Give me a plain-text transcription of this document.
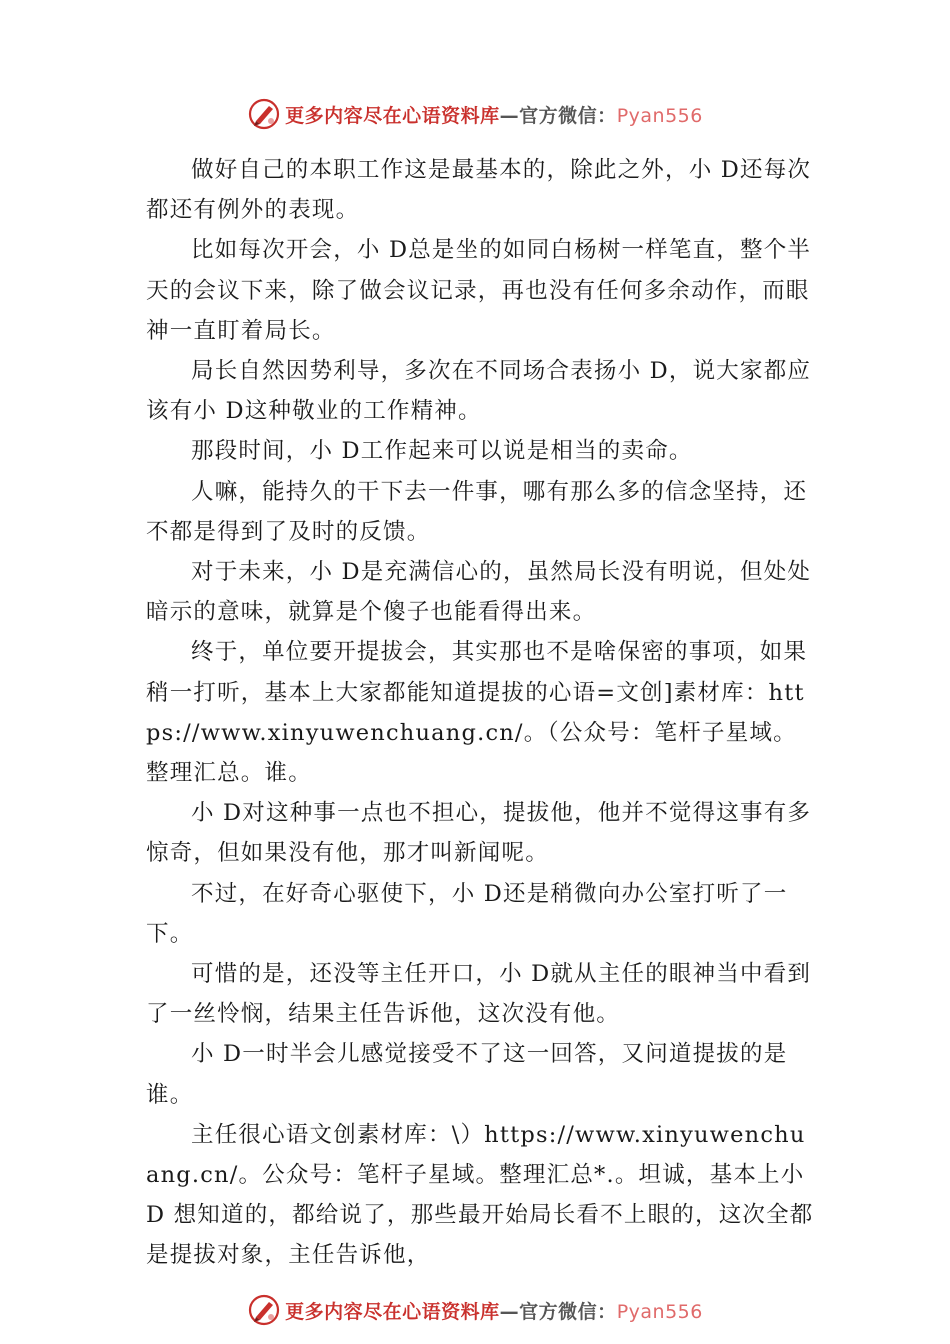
更多内容尽在心语资料库—官方微信：Pyan556

做好自己的本职工作这是最基本的，除此之外，小 D还每次都还有例外的表现。

比如每次开会，小 D总是坐的如同白杨树一样笔直，整个半天的会议下来，除了做会议记录，再也没有任何多余动作，而眼神一直盯着局长。

局长自然因势利导，多次在不同场合表扬小 D，说大家都应该有小 D这种敬业的工作精神。

那段时间，小 D工作起来可以说是相当的卖命。

人嘛，能持久的干下去一件事，哪有那么多的信念坚持，还不都是得到了及时的反馈。

对于未来，小 D是充满信心的，虽然局长没有明说，但处处暗示的意味，就算是个傻子也能看得出来。

终于，单位要开提拔会，其实那也不是啥保密的事项，如果稍一打听，基本上大家都能知道提拔的心语=文创]素材库：https://www.xinyuwenchuang.cn/。（公众号：笔杆子星域。整理汇总。谁。

小 D对这种事一点也不担心，提拔他，他并不觉得这事有多惊奇，但如果没有他，那才叫新闻呢。

不过，在好奇心驱使下，小 D还是稍微向办公室打听了一下。

可惜的是，还没等主任开口，小 D就从主任的眼神当中看到了一丝怜悯，结果主任告诉他，这次没有他。

小 D一时半会儿感觉接受不了这一回答，又问道提拔的是谁。

主任很心语文创素材库：\）https://www.xinyuwenchuang.cn/。公众号：笔杆子星域。整理汇总*.。坦诚，基本上小 D 想知道的，都给说了，那些最开始局长看不上眼的，这次全都是提拔对象，主任告诉他，

更多内容尽在心语资料库—官方微信：Pyan556
